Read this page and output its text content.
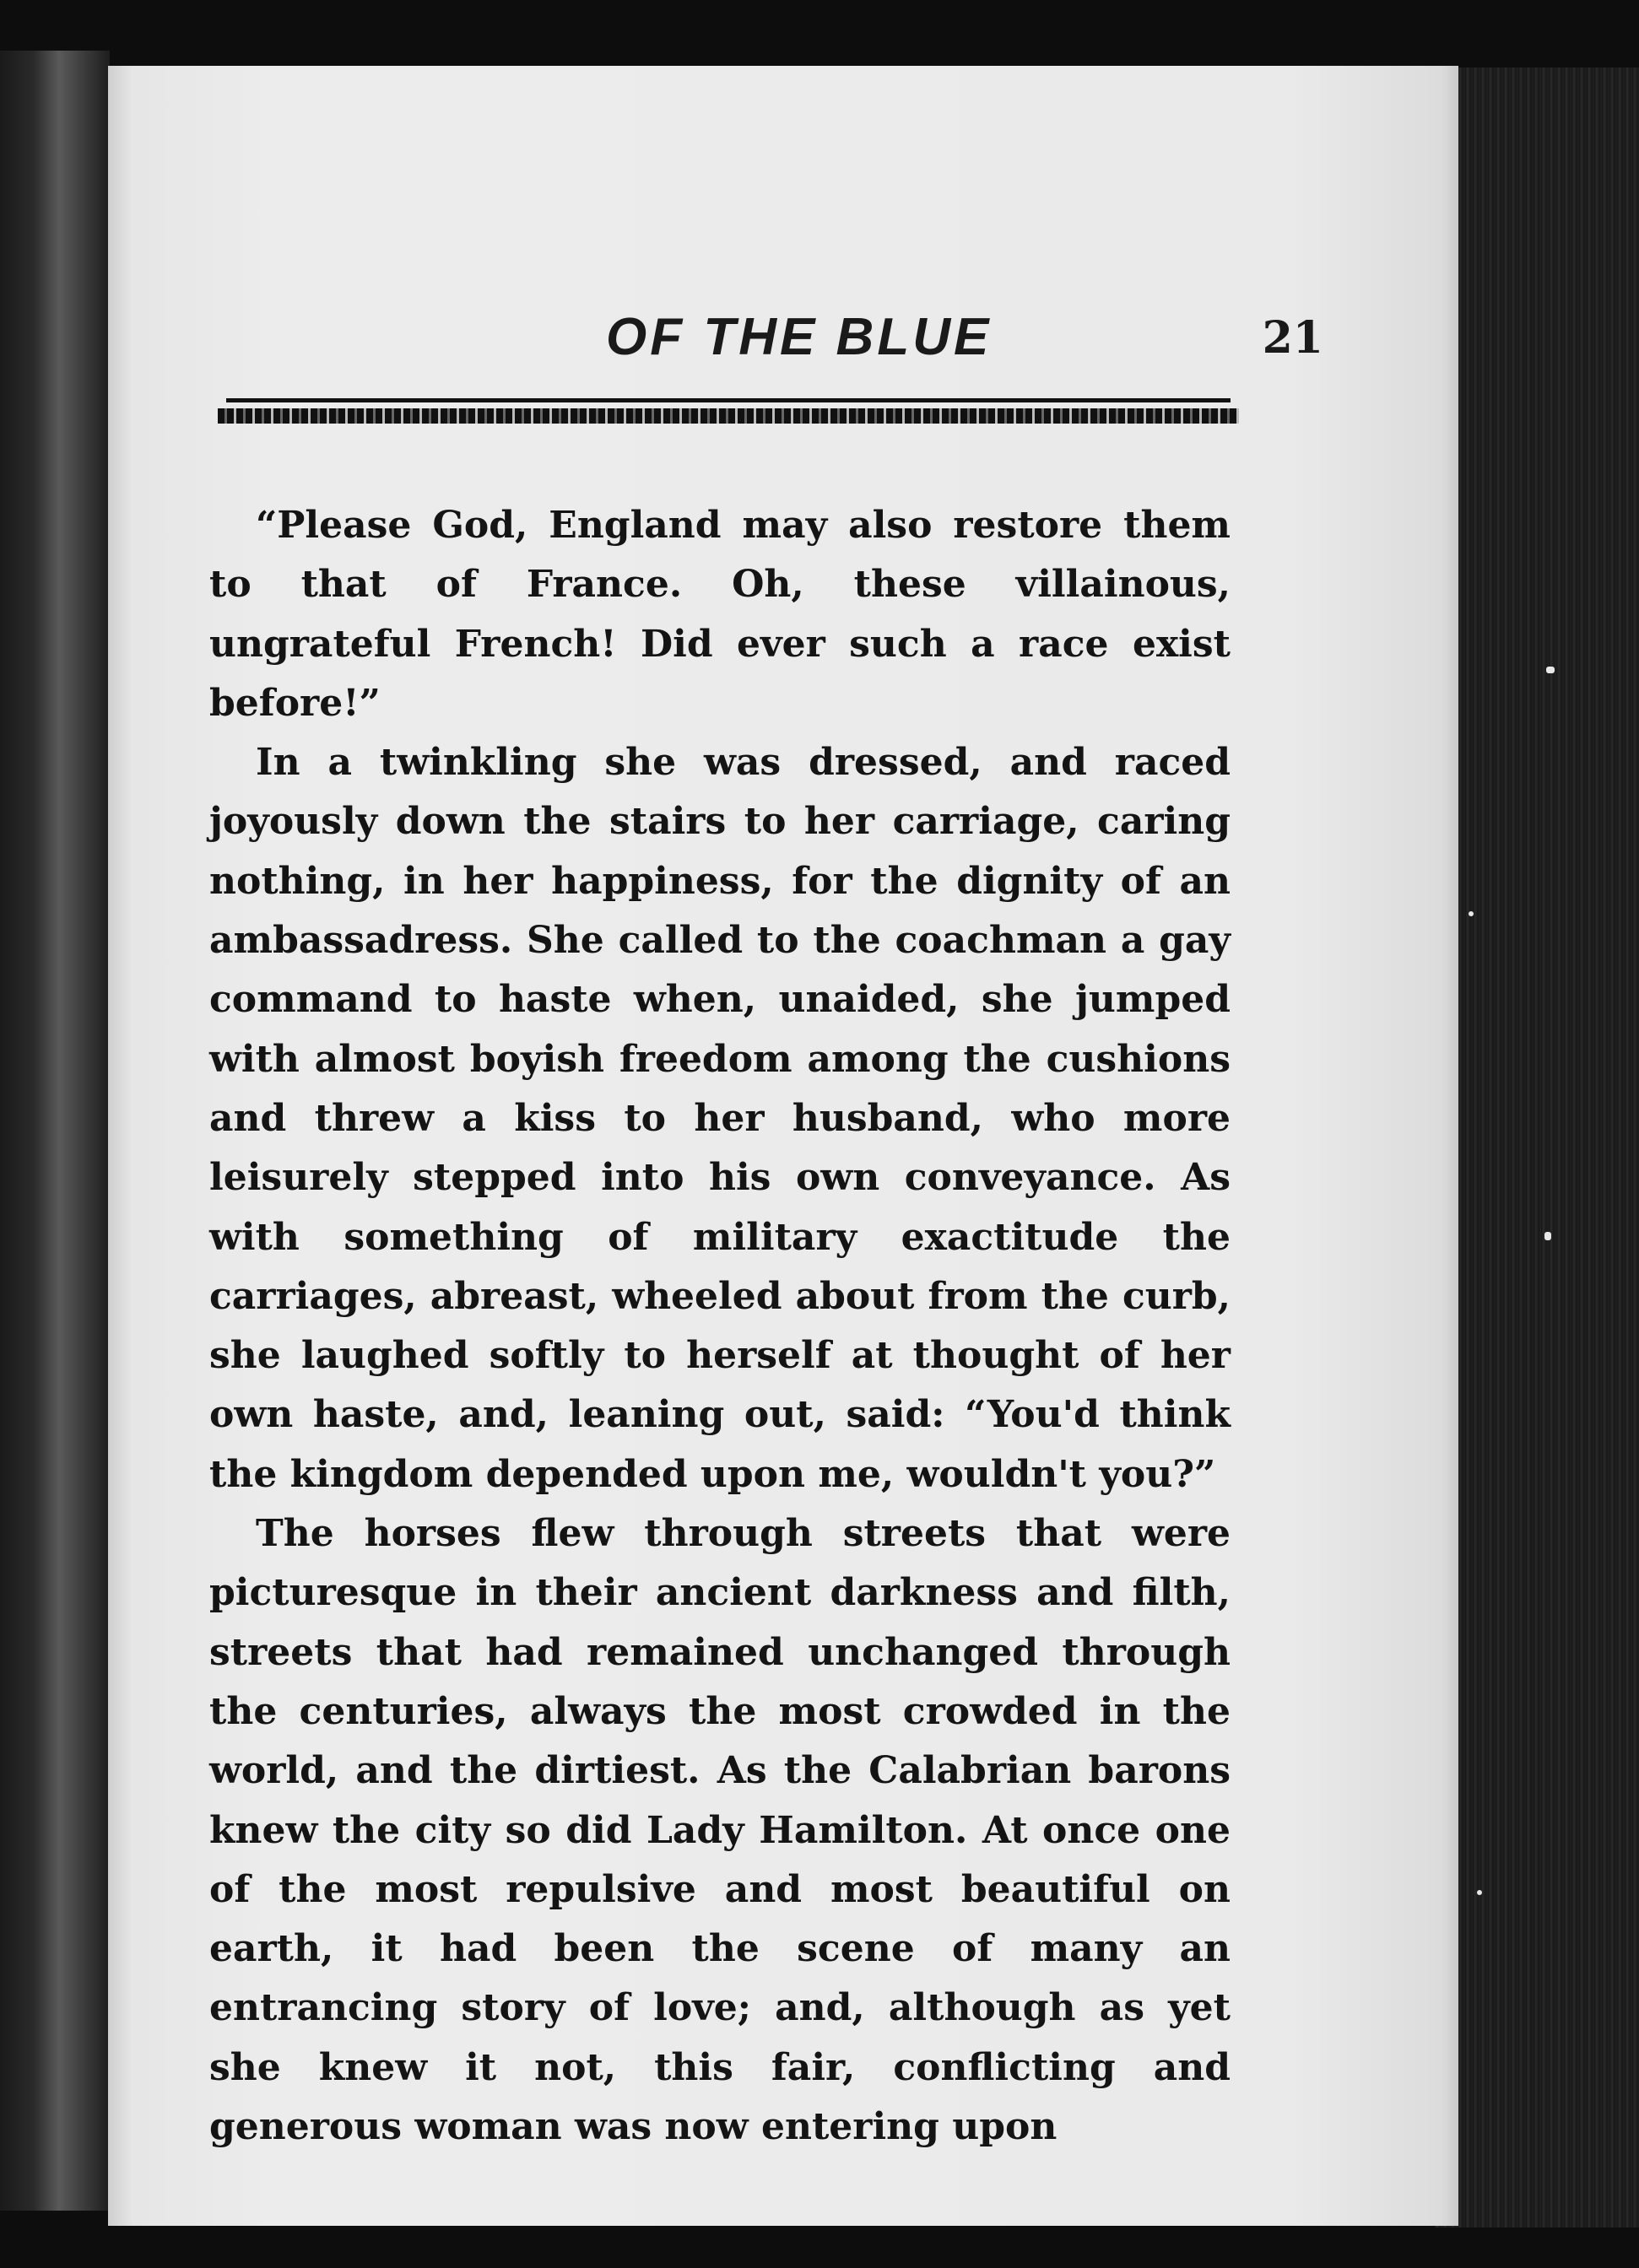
OF THE BLUE	21

“Please God, England may also restore them to that of France. Oh, these villainous, ungrateful French! Did ever such a race exist before!”

In a twinkling she was dressed, and raced joyously down the stairs to her carriage, caring nothing, in her happiness, for the dignity of an ambassadress. She called to the coachman a gay command to haste when, unaided, she jumped with almost boyish freedom among the cushions and threw a kiss to her husband, who more leisurely stepped into his own conveyance. As with something of military exactitude the carriages, abreast, wheeled about from the curb, she laughed softly to herself at thought of her own haste, and, leaning out, said: “You'd think the kingdom depended upon me, wouldn't you?”

The horses flew through streets that were picturesque in their ancient darkness and filth, streets that had remained unchanged through the centuries, always the most crowded in the world, and the dirtiest. As the Calabrian barons knew the city so did Lady Hamilton. At once one of the most repulsive and most beautiful on earth, it had been the scene of many an entrancing story of love; and, although as yet she knew it not, this fair, conflicting and generous woman was now entering upon
